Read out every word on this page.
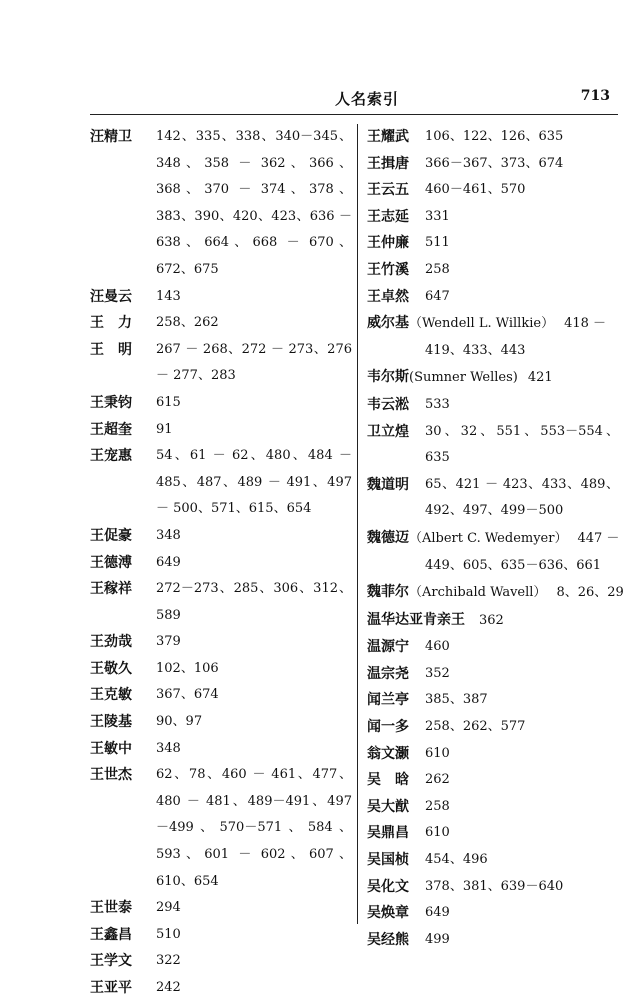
人名索引	713
汪精卫	142、335、338、340－345、348、358 － 362、366、368、370 － 374、378、383、390、420、423、636 － 638、664、668 － 670、672、675
汪曼云	143
王　力	258、262
王　明	267 － 268、272 － 273、276 － 277、283
王秉钧	615
王超奎	91
王宠惠	54、61 － 62、480、484 － 485、487、489 － 491、497 － 500、571、615、654
王促豪	348
王德溥	649
王稼祥	272－273、285、306、312、589
王劲哉	379
王敬久	102、106
王克敏	367、674
王陵基	90、97
王敏中	348
王世杰	62、78、460 － 461、477、480 － 481、489－491、497－499、570－571、584、593、601 － 602、607、610、654
王世泰	294
王鑫昌	510
王学文	322
王亚平	242
王耀武	106、122、126、635
王揖唐	366－367、373、674
王云五	460－461、570
王志延	331
王仲廉	511
王竹溪	258
王卓然	647
威尔基（Wendell L. Willkie） 418 －
419、433、443
韦尔斯(Sumner Welles) 421
韦云淞	533
卫立煌	30、32、551、553－554、635
魏道明	65、421 － 423、433、489、492、497、499－500
魏德迈（Albert C. Wedemyer） 447 －
449、605、635－636、661
魏菲尔（Archibald Wavell） 8、26、29
温华达亚肯亲王 362
温源宁	460
温宗尧	352
闻兰亭	385、387
闻一多	258、262、577
翁文灏	610
吴　晗	262
吴大猷	258
吴鼎昌	610
吴国桢	454、496
吴化文	378、381、639－640
吴焕章	649
吴经熊	499
